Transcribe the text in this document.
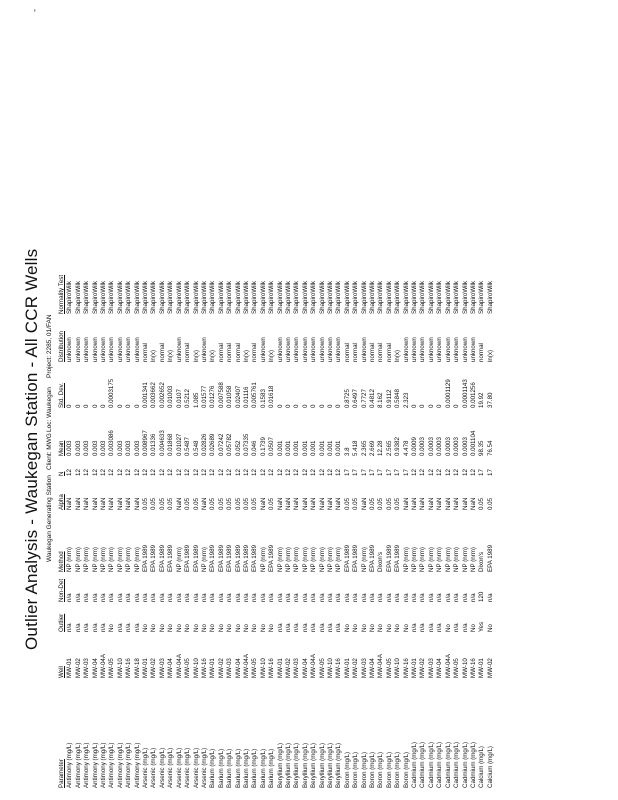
'
Outlier Analysis - Waukegan Station - All CCR Wells Waukegan Generating Station
Client: MWG
Loc: Waukegan
Project: 2285, 01/FAN
Parameter	Well	Outlier	Non-Det	Method	Alpha	N	Mean	Std. Dev.	Distribution	Normality Test
Antimony (mg/L)	MW-01	n/a	n/a	NP (nrm)	NaN	12	0.003	0	unknown	ShapiroWilk
Antimony (mg/L)	MW-02	n/a	n/a	NP (nrm)	NaN	12	0.003	0	unknown	ShapiroWilk
Antimony (mg/L)	MW-03	n/a	n/a	NP (nrm)	NaN	12	0.003	0	unknown	ShapiroWilk
Antimony (mg/L)	MW-04	n/a	n/a	NP (nrm)	NaN	12	0.003	0	unknown	ShapiroWilk
Antimony (mg/L)	MW-04A	n/a	n/a	NP (nrm)	NaN	12	0.003	0	unknown	ShapiroWilk
Antimony (mg/L)	MW-05	No	n/a	NP (nrm)	NaN	12	0.003086	0.0003175	unknown	ShapiroWilk
Antimony (mg/L)	MW-10	n/a	n/a	NP (nrm)	NaN	12	0.003	0	unknown	ShapiroWilk
Antimony (mg/L)	MW-16	n/a	n/a	NP (nrm)	NaN	12	0.003	0	unknown	ShapiroWilk
Antimony (mg/L)	MW-18	n/a	n/a	NP (nrm)	NaN	12	0.003	0	unknown	ShapiroWilk
Arsenic (mg/L)	MW-01	No	n/a	EPA 1989	0.05	12	0.008967	0.001341	normal	ShapiroWilk
Arsenic (mg/L)	MW-02	No	n/a	EPA 1989	0.05	12	0.01336	0.003662	ln(x)	ShapiroWilk
Arsenic (mg/L)	MW-03	No	n/a	EPA 1989	0.05	12	0.004633	0.002652	normal	ShapiroWilk
Arsenic (mg/L)	MW-04	No	n/a	EPA 1989	0.05	12	0.01868	0.01003	ln(x)	ShapiroWilk
Arsenic (mg/L)	MW-04A	No	n/a	NP (nrm)	NaN	12	0.01027	0.0107	unknown	ShapiroWilk
Arsenic (mg/L)	MW-05	No	n/a	EPA 1989	0.05	12	0.5487	0.5212	normal	ShapiroWilk
Arsenic (mg/L)	MW-10	No	n/a	EPA 1989	0.05	12	0.548	1.085	ln(x)	ShapiroWilk
Arsenic (mg/L)	MW-16	No	n/a	NP (nrm)	NaN	12	0.02826	0.01577	unknown	ShapiroWilk
Barium (mg/L)	MW-01	No	n/a	EPA 1989	0.05	12	0.02689	0.01276	ln(x)	ShapiroWilk
Barium (mg/L)	MW-02	No	n/a	EPA 1989	0.05	12	0.07242	0.007588	normal	ShapiroWilk
Barium (mg/L)	MW-03	No	n/a	EPA 1989	0.05	12	0.05782	0.01058	normal	ShapiroWilk
Barium (mg/L)	MW-04	No	n/a	EPA 1989	0.05	12	0.052	0.02407	normal	ShapiroWilk
Barium (mg/L)	MW-04A	No	n/a	EPA 1989	0.05	12	0.07335	0.01116	ln(x)	ShapiroWilk
Barium (mg/L)	MW-05	No	n/a	EPA 1989	0.05	12	0.046	0.005761	normal	ShapiroWilk
Barium (mg/L)	MW-10	No	n/a	NP (nrm)	NaN	12	0.1739	0.1583	unknown	ShapiroWilk
Barium (mg/L)	MW-16	No	n/a	EPA 1989	0.05	12	0.0507	0.01618	ln(x)	ShapiroWilk
Beryllium (mg/L)	MW-01	n/a	n/a	NP (nrm)	NaN	12	0.001	0	unknown	ShapiroWilk
Beryllium (mg/L)	MW-02	n/a	n/a	NP (nrm)	NaN	12	0.001	0	unknown	ShapiroWilk
Beryllium (mg/L)	MW-03	n/a	n/a	NP (nrm)	NaN	12	0.001	0	unknown	ShapiroWilk
Beryllium (mg/L)	MW-04	n/a	n/a	NP (nrm)	NaN	12	0.001	0	unknown	ShapiroWilk
Beryllium (mg/L)	MW-04A	n/a	n/a	NP (nrm)	NaN	12	0.001	0	unknown	ShapiroWilk
Beryllium (mg/L)	MW-05	n/a	n/a	NP (nrm)	NaN	12	0.001	0	unknown	ShapiroWilk
Beryllium (mg/L)	MW-10	n/a	n/a	NP (nrm)	NaN	12	0.001	0	unknown	ShapiroWilk
Beryllium (mg/L)	MW-16	n/a	n/a	NP (nrm)	NaN	12	0.001	0	unknown	ShapiroWilk
Boron (mg/L)	MW-01	No	n/a	EPA 1989	0.05	17	3.8	0.8725	normal	ShapiroWilk
Boron (mg/L)	MW-02	No	n/a	EPA 1989	0.05	17	5.418	0.6497	normal	ShapiroWilk
Boron (mg/L)	MW-03	No	n/a	NP (nrm)	NaN	17	2.365	0.7727	unknown	ShapiroWilk
Boron (mg/L)	MW-04	No	n/a	EPA 1989	0.05	17	2.669	0.4812	normal	ShapiroWilk
Boron (mg/L)	MW-04A	No	n/a	Dixon's	0.05	17	12.28	8.162	normal	ShapiroWilk
Boron (mg/L)	MW-05	No	n/a	EPA 1989	0.05	17	2.565	0.9112	normal	ShapiroWilk
Boron (mg/L)	MW-10	No	n/a	EPA 1989	0.05	17	0.9382	0.5848	ln(x)	ShapiroWilk
Boron (mg/L)	MW-16	No	n/a	NP (nrm)	NaN	17	4.478	2.323	unknown	ShapiroWilk
Cadmium (mg/L)	MW-01	n/a	n/a	NP (nrm)	NaN	12	0.0009	0	unknown	ShapiroWilk
Cadmium (mg/L)	MW-02	n/a	n/a	NP (nrm)	NaN	12	0.0003	0	unknown	ShapiroWilk
Cadmium (mg/L)	MW-03	n/a	n/a	NP (nrm)	NaN	12	0.0003	0	unknown	ShapiroWilk
Cadmium (mg/L)	MW-04	n/a	n/a	NP (nrm)	NaN	12	0.0003	0	unknown	ShapiroWilk
Cadmium (mg/L)	MW-04A	No	n/a	NP (nrm)	NaN	12	0.0003	0.0001129	unknown	ShapiroWilk
Cadmium (mg/L)	MW-05	n/a	n/a	NP (nrm)	NaN	12	0.0003	0	unknown	ShapiroWilk
Cadmium (mg/L)	MW-10	n/a	n/a	NP (nrm)	NaN	12	0.0003	0.0001143	unknown	ShapiroWilk
Cadmium (mg/L)	MW-16	No	n/a	NP (nrm)	NaN	12	0.001104	0.001256	unknown	ShapiroWilk
Calcium (mg/L)	MW-01	Yes	120	Dixon's	0.05	17	98.35	19.92	normal	ShapiroWilk
Calcium (mg/L)	MW-02	No	n/a	EPA 1989	0.05	17	76.54	37.80	ln(x)	ShapiroWilk
